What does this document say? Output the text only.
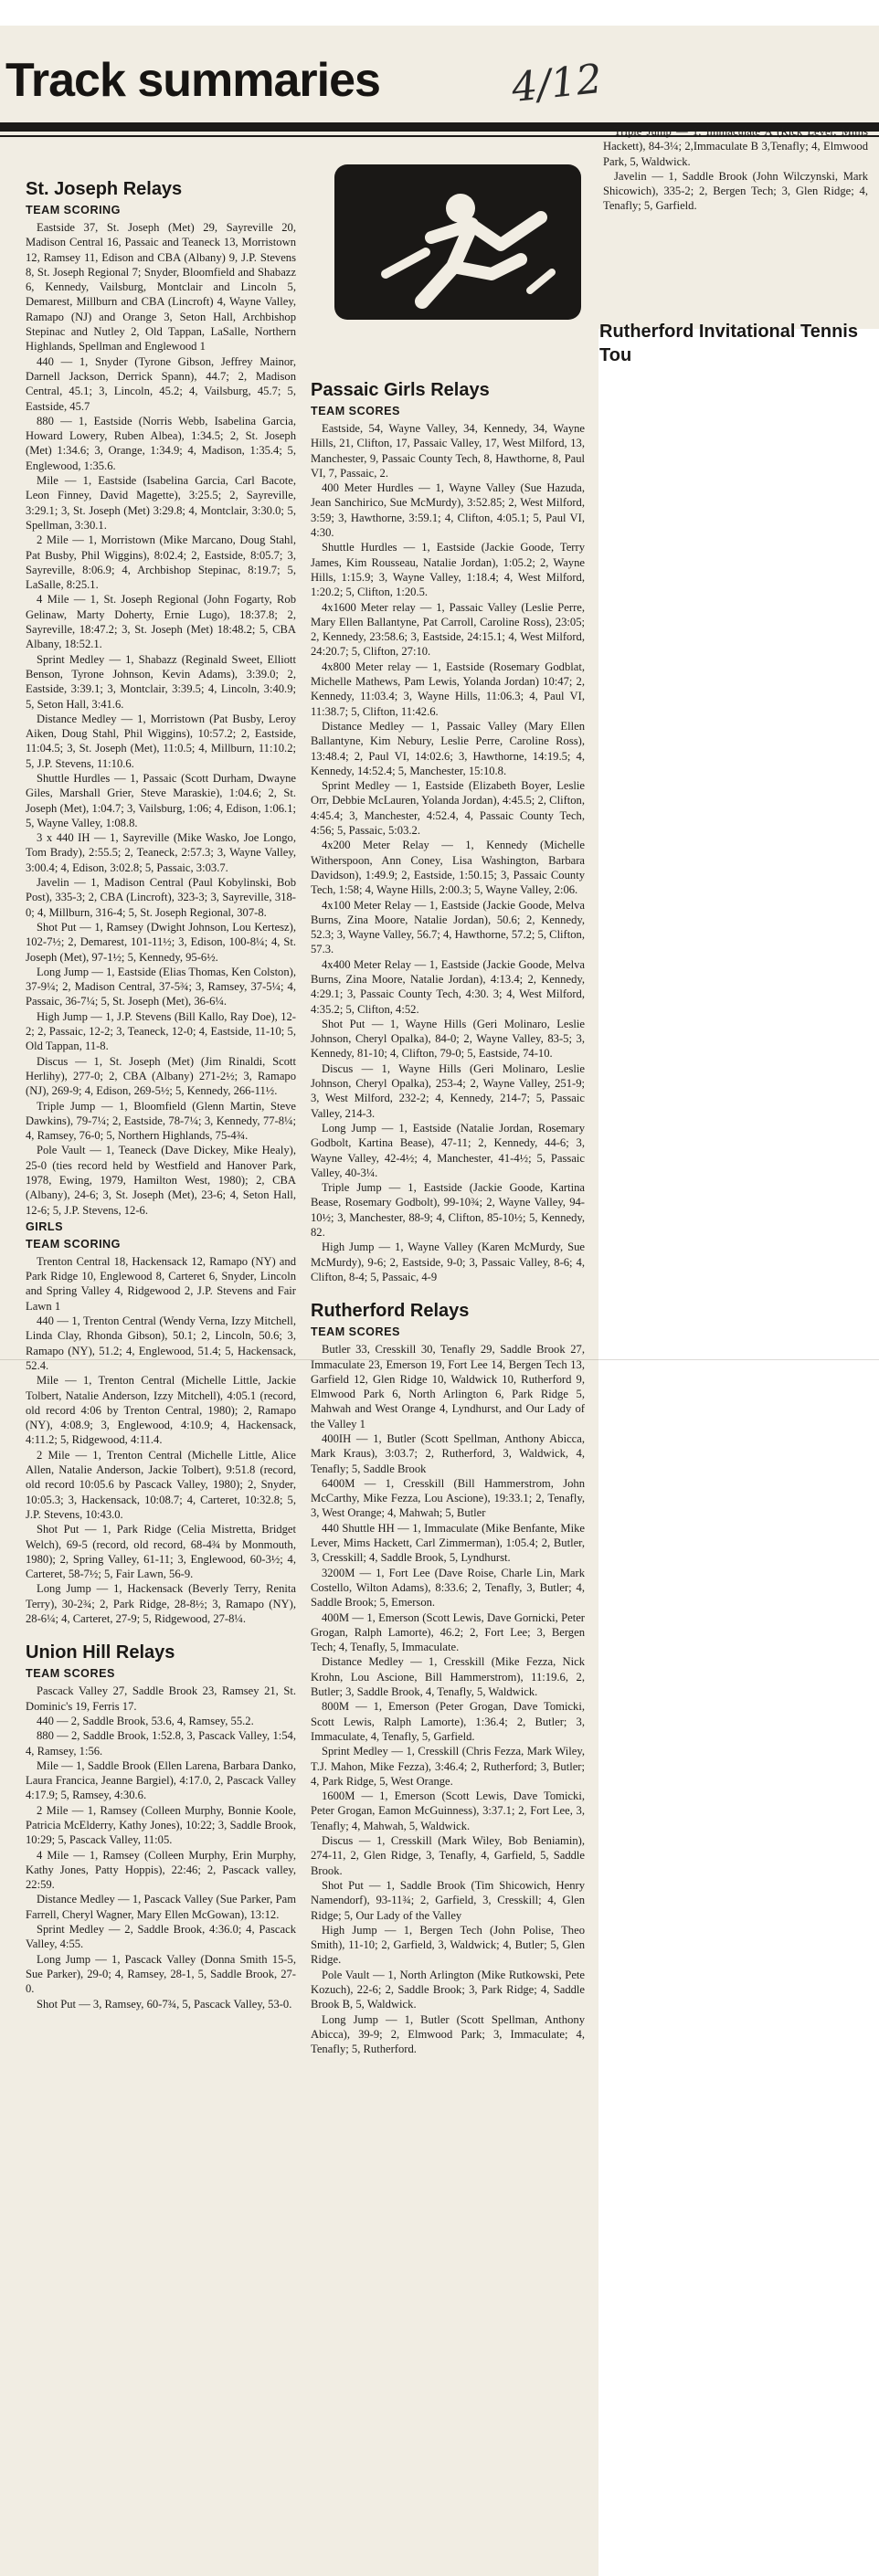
Track summaries	4/12
St. Joseph Relays
TEAM SCORING

Eastside 37, St. Joseph (Met) 29, Sayreville 20, Madison Central 16, Passaic and Teaneck 13, Morristown 12, Ramsey 11, Edison and CBA (Albany) 9, J.P. Stevens 8, St. Joseph Regional 7; Snyder, Bloomfield and Shabazz 6, Kennedy, Vailsburg, Montclair and Lincoln 5, Demarest, Millburn and CBA (Lincroft) 4, Wayne Valley, Ramapo (NJ) and Orange 3, Seton Hall, Archbishop Stepinac and Nutley 2, Old Tappan, LaSalle, Northern Highlands, Spellman and Englewood 1

440 — 1, Snyder (Tyrone Gibson, Jeffrey Mainor, Darnell Jackson, Derrick Spann), 44.7; 2, Madison Central, 45.1; 3, Lincoln, 45.2; 4, Vailsburg, 45.7; 5, Eastside, 45.7

880 — 1, Eastside (Norris Webb, Isabelina Garcia, Howard Lowery, Ruben Albea), 1:34.5; 2, St. Joseph (Met) 1:34.6; 3, Orange, 1:34.9; 4, Madison, 1:35.4; 5, Englewood, 1:35.6.

Mile — 1, Eastside (Isabelina Garcia, Carl Bacote, Leon Finney, David Magette), 3:25.5; 2, Sayreville, 3:29.1; 3, St. Joseph (Met) 3:29.8; 4, Montclair, 3:30.0; 5, Spellman, 3:30.1.

2 Mile — 1, Morristown (Mike Marcano, Doug Stahl, Pat Busby, Phil Wiggins), 8:02.4; 2, Eastside, 8:05.7; 3, Sayreville, 8:06.9; 4, Archbishop Stepinac, 8:19.7; 5, LaSalle, 8:25.1.

4 Mile — 1, St. Joseph Regional (John Fogarty, Rob Gelinaw, Marty Doherty, Ernie Lugo), 18:37.8; 2, Sayreville, 18:47.2; 3, St. Joseph (Met) 18:48.2; 5, CBA Albany, 18:52.1.

Sprint Medley — 1, Shabazz (Reginald Sweet, Elliott Benson, Tyrone Johnson, Kevin Adams), 3:39.0; 2, Eastside, 3:39.1; 3, Montclair, 3:39.5; 4, Lincoln, 3:40.9; 5, Seton Hall, 3:41.6.

Distance Medley — 1, Morristown (Pat Busby, Leroy Aiken, Doug Stahl, Phil Wiggins), 10:57.2; 2, Eastside, 11:04.5; 3, St. Joseph (Met), 11:0.5; 4, Millburn, 11:10.2; 5, J.P. Stevens, 11:10.6.

Shuttle Hurdles — 1, Passaic (Scott Durham, Dwayne Giles, Marshall Grier, Steve Maraskie), 1:04.6; 2, St. Joseph (Met), 1:04.7; 3, Vailsburg, 1:06; 4, Edison, 1:06.1; 5, Wayne Valley, 1:08.8.

3 x 440 IH — 1, Sayreville (Mike Wasko, Joe Longo, Tom Brady), 2:55.5; 2, Teaneck, 2:57.3; 3, Wayne Valley, 3:00.4; 4, Edison, 3:02.8; 5, Passaic, 3:03.7.

Javelin — 1, Madison Central (Paul Kobylinski, Bob Post), 335-3; 2, CBA (Lincroft), 323-3; 3, Sayreville, 318-0; 4, Millburn, 316-4; 5, St. Joseph Regional, 307-8.

Shot Put — 1, Ramsey (Dwight Johnson, Lou Kertesz), 102-7½; 2, Demarest, 101-11½; 3, Edison, 100-8¼; 4, St. Joseph (Met), 97-1½; 5, Kennedy, 95-6½.

Long Jump — 1, Eastside (Elias Thomas, Ken Colston), 37-9¼; 2, Madison Central, 37-5¾; 3, Ramsey, 37-5¼; 4, Passaic, 36-7¼; 5, St. Joseph (Met), 36-6¼.

High Jump — 1, J.P. Stevens (Bill Kallo, Ray Doe), 12-2; 2, Passaic, 12-2; 3, Teaneck, 12-0; 4, Eastside, 11-10; 5, Old Tappan, 11-8.

Discus — 1, St. Joseph (Met) (Jim Rinaldi, Scott Herlihy), 277-0; 2, CBA (Albany) 271-2½; 3, Ramapo (NJ), 269-9; 4, Edison, 269-5½; 5, Kennedy, 266-11½.

Triple Jump — 1, Bloomfield (Glenn Martin, Steve Dawkins), 79-7¼; 2, Eastside, 78-7¼; 3, Kennedy, 77-8¼; 4, Ramsey, 76-0; 5, Northern Highlands, 75-4¾.

Pole Vault — 1, Teaneck (Dave Dickey, Mike Healy), 25-0 (ties record held by Westfield and Hanover Park, 1978, Ewing, 1979, Hamilton West, 1980); 2, CBA (Albany), 24-6; 3, St. Joseph (Met), 23-6; 4, Seton Hall, 12-6; 5, J.P. Stevens, 12-6.

GIRLS
TEAM SCORING

Trenton Central 18, Hackensack 12, Ramapo (NY) and Park Ridge 10, Englewood 8, Carteret 6, Snyder, Lincoln and Spring Valley 4, Ridgewood 2, J.P. Stevens and Fair Lawn 1

440 — 1, Trenton Central (Wendy Verna, Izzy Mitchell, Linda Clay, Rhonda Gibson), 50.1; 2, Lincoln, 50.6; 3, Ramapo (NY), 51.2; 4, Englewood, 51.4; 5, Hackensack, 52.4.

Mile — 1, Trenton Central (Michelle Little, Jackie Tolbert, Natalie Anderson, Izzy Mitchell), 4:05.1 (record, old record 4:06 by Trenton Central, 1980); 2, Ramapo (NY), 4:08.9; 3, Englewood, 4:10.9; 4, Hackensack, 4:11.2; 5, Ridgewood, 4:11.4.

2 Mile — 1, Trenton Central (Michelle Little, Alice Allen, Natalie Anderson, Jackie Tolbert), 9:51.8 (record, old record 10:05.6 by Pascack Valley, 1980); 2, Snyder, 10:05.3; 3, Hackensack, 10:08.7; 4, Carteret, 10:32.8; 5, J.P. Stevens, 10:43.0.

Shot Put — 1, Park Ridge (Celia Mistretta, Bridget Welch), 69-5 (record, old record, 68-4¾ by Monmouth, 1980); 2, Spring Valley, 61-11; 3, Englewood, 60-3½; 4, Carteret, 58-7½; 5, Fair Lawn, 56-9.

Long Jump — 1, Hackensack (Beverly Terry, Renita Terry), 30-2¾; 2, Park Ridge, 28-8½; 3, Ramapo (NY), 28-6¼; 4, Carteret, 27-9; 5, Ridgewood, 27-8¼.

Union Hill Relays
TEAM SCORES

Pascack Valley 27, Saddle Brook 23, Ramsey 21, St. Dominic's 19, Ferris 17.

440 — 2, Saddle Brook, 53.6, 4, Ramsey, 55.2.

880 — 2, Saddle Brook, 1:52.8, 3, Pascack Valley, 1:54, 4, Ramsey, 1:56.

Mile — 1, Saddle Brook (Ellen Larena, Barbara Danko, Laura Francica, Jeanne Bargiel), 4:17.0, 2, Pascack Valley 4:17.9; 5, Ramsey, 4:30.6.

2 Mile — 1, Ramsey (Colleen Murphy, Bonnie Koole, Patricia McElderry, Kathy Jones), 10:22; 3, Saddle Brook, 10:29; 5, Pascack Valley, 11:05.

4 Mile — 1, Ramsey (Colleen Murphy, Erin Murphy, Kathy Jones, Patty Hoppis), 22:46; 2, Pascack valley, 22:59.

Distance Medley — 1, Pascack Valley (Sue Parker, Pam Farrell, Cheryl Wagner, Mary Ellen McGowan), 13:12.

Sprint Medley — 2, Saddle Brook, 4:36.0; 4, Pascack Valley, 4:55.

Long Jump — 1, Pascack Valley (Donna Smith 15-5, Sue Parker), 29-0; 4, Ramsey, 28-1, 5, Saddle Brook, 27-0.

Shot Put — 3, Ramsey, 60-7¾, 5, Pascack Valley, 53-0.

Passaic Girls Relays
TEAM SCORES

Eastside, 54, Wayne Valley, 34, Kennedy, 34, Wayne Hills, 21, Clifton, 17, Passaic Valley, 17, West Milford, 13, Manchester, 9, Passaic County Tech, 8, Hawthorne, 8, Paul VI, 7, Passaic, 2.

400 Meter Hurdles — 1, Wayne Valley (Sue Hazuda, Jean Sanchirico, Sue McMurdy), 3:52.85; 2, West Milford, 3:59; 3, Hawthorne, 3:59.1; 4, Clifton, 4:05.1; 5, Paul VI, 4:30.

Shuttle Hurdles — 1, Eastside (Jackie Goode, Terry James, Kim Rousseau, Natalie Jordan), 1:05.2; 2, Wayne Hills, 1:15.9; 3, Wayne Valley, 1:18.4; 4, West Milford, 1:20.2; 5, Clifton, 1:20.5.

4x1600 Meter relay — 1, Passaic Valley (Leslie Perre, Mary Ellen Ballantyne, Pat Carroll, Caroline Ross), 23:05; 2, Kennedy, 23:58.6; 3, Eastside, 24:15.1; 4, West Milford, 24:20.7; 5, Clifton, 27:10.

4x800 Meter relay — 1, Eastside (Rosemary Godblat, Michelle Mathews, Pam Lewis, Yolanda Jordan) 10:47; 2, Kennedy, 11:03.4; 3, Wayne Hills, 11:06.3; 4, Paul VI, 11:38.7; 5, Clifton, 11:42.6.

Distance Medley — 1, Passaic Valley (Mary Ellen Ballantyne, Kim Nebury, Leslie Perre, Caroline Ross), 13:48.4; 2, Paul VI, 14:02.6; 3, Hawthorne, 14:19.5; 4, Kennedy, 14:52.4; 5, Manchester, 15:10.8.

Sprint Medley — 1, Eastside (Elizabeth Boyer, Leslie Orr, Debbie McLauren, Yolanda Jordan), 4:45.5; 2, Clifton, 4:45.4; 3, Manchester, 4:52.4, 4, Passaic County Tech, 4:56; 5, Passaic, 5:03.2.

4x200 Meter Relay — 1, Kennedy (Michelle Witherspoon, Ann Coney, Lisa Washington, Barbara Davidson), 1:49.9; 2, Eastside, 1:50.15; 3, Passaic County Tech, 1:58; 4, Wayne Hills, 2:00.3; 5, Wayne Valley, 2:06.

4x100 Meter Relay — 1, Eastside (Jackie Goode, Melva Burns, Zina Moore, Natalie Jordan), 50.6; 2, Kennedy, 52.3; 3, Wayne Valley, 56.7; 4, Hawthorne, 57.2; 5, Clifton, 57.3.

4x400 Meter Relay — 1, Eastside (Jackie Goode, Melva Burns, Zina Moore, Natalie Jordan), 4:13.4; 2, Kennedy, 4:29.1; 3, Passaic County Tech, 4:30. 3; 4, West Milford, 4:35.2; 5, Clifton, 4:52.

Shot Put — 1, Wayne Hills (Geri Molinaro, Leslie Johnson, Cheryl Opalka), 84-0; 2, Wayne Valley, 83-5; 3, Kennedy, 81-10; 4, Clifton, 79-0; 5, Eastside, 74-10.

Discus — 1, Wayne Hills (Geri Molinaro, Leslie Johnson, Cheryl Opalka), 253-4; 2, Wayne Valley, 251-9; 3, West Milford, 232-2; 4, Kennedy, 214-7; 5, Passaic Valley, 214-3.

Long Jump — 1, Eastside (Natalie Jordan, Rosemary Godbolt, Kartina Bease), 47-11; 2, Kennedy, 44-6; 3, Wayne Valley, 42-4½; 4, Manchester, 41-4½; 5, Passaic Valley, 40-3¼.

Triple Jump — 1, Eastside (Jackie Goode, Kartina Bease, Rosemary Godbolt), 99-10¾; 2, Wayne Valley, 94-10½; 3, Manchester, 88-9; 4, Clifton, 85-10½; 5, Kennedy, 82.

High Jump — 1, Wayne Valley (Karen McMurdy, Sue McMurdy), 9-6; 2, Eastside, 9-0; 3, Passaic Valley, 8-6; 4, Clifton, 8-4; 5, Passaic, 4-9

Rutherford Relays
TEAM SCORES

Butler 33, Cresskill 30, Tenafly 29, Saddle Brook 27, Immaculate 23, Emerson 19, Fort Lee 14, Bergen Tech 13, Garfield 12, Glen Ridge 10, Waldwick 10, Rutherford 9, Elmwood Park 6, North Arlington 6, Park Ridge 5, Mahwah and West Orange 4, Lyndhurst, and Our Lady of the Valley 1

400IH — 1, Butler (Scott Spellman, Anthony Abicca, Mark Kraus), 3:03.7; 2, Rutherford, 3, Waldwick, 4, Tenafly; 5, Saddle Brook

6400M — 1, Cresskill (Bill Hammerstrom, John McCarthy, Mike Fezza, Lou Ascione), 19:33.1; 2, Tenafly, 3, West Orange; 4, Mahwah; 5, Butler

440 Shuttle HH — 1, Immaculate (Mike Benfante, Mike Lever, Mims Hackett, Carl Zimmerman), 1:05.4; 2, Butler, 3, Cresskill; 4, Saddle Brook, 5, Lyndhurst.

3200M — 1, Fort Lee (Dave Roise, Charle Lin, Mark Costello, Wilton Adams), 8:33.6; 2, Tenafly, 3, Butler; 4, Saddle Brook; 5, Emerson.

400M — 1, Emerson (Scott Lewis, Dave Gornicki, Peter Grogan, Ralph Lamorte), 46.2; 2, Fort Lee; 3, Bergen Tech; 4, Tenafly, 5, Immaculate.

Distance Medley — 1, Cresskill (Mike Fezza, Nick Krohn, Lou Ascione, Bill Hammerstrom), 11:19.6, 2, Butler; 3, Saddle Brook, 4, Tenafly, 5, Waldwick.

800M — 1, Emerson (Peter Grogan, Dave Tomicki, Scott Lewis, Ralph Lamorte), 1:36.4; 2, Butler; 3, Immaculate, 4, Tenafly, 5, Garfield.

Sprint Medley — 1, Cresskill (Chris Fezza, Mark Wiley, T.J. Mahon, Mike Fezza), 3:46.4; 2, Rutherford; 3, Butler; 4, Park Ridge, 5, West Orange.

1600M — 1, Emerson (Scott Lewis, Dave Tomicki, Peter Grogan, Eamon McGuinness), 3:37.1; 2, Fort Lee, 3, Tenafly; 4, Mahwah, 5, Waldwick.

Discus — 1, Cresskill (Mark Wiley, Bob Beniamin), 274-11, 2, Glen Ridge, 3, Tenafly, 4, Garfield, 5, Saddle Brook.

Shot Put — 1, Saddle Brook (Tim Shicowich, Henry Namendorf), 93-11¾; 2, Garfield, 3, Cresskill; 4, Glen Ridge; 5, Our Lady of the Valley

High Jump — 1, Bergen Tech (John Polise, Theo Smith), 11-10; 2, Garfield, 3, Waldwick; 4, Butler; 5, Glen Ridge.

Pole Vault — 1, North Arlington (Mike Rutkowski, Pete Kozuch), 22-6; 2, Saddle Brook; 3, Park Ridge; 4, Saddle Brook B, 5, Waldwick.

Long Jump — 1, Butler (Scott Spellman, Anthony Abicca), 39-9; 2, Elmwood Park; 3, Immaculate; 4, Tenafly; 5, Rutherford.

Triple Jump — 1, Immaculate A (Rick Lever, Mims Hackett), 84-3¼; 2,Immaculate B 3,Tenafly; 4, Elmwood Park, 5, Waldwick.

Javelin — 1, Saddle Brook (John Wilczynski, Mark Shicowich), 335-2; 2, Bergen Tech; 3, Glen Ridge; 4, Tenafly; 5, Garfield.

Rutherford Invitational Tennis Tou
